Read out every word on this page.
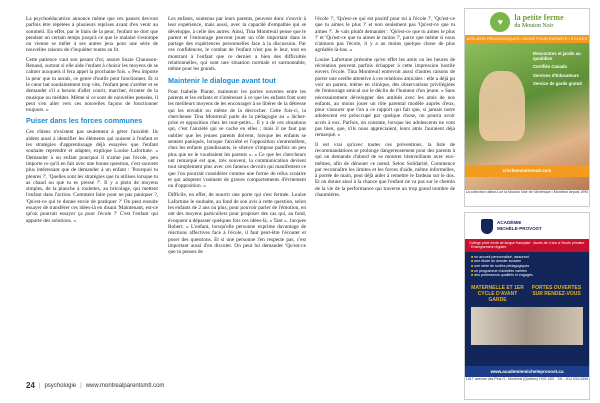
La psychoéducatrice annonce même que ces pauses devront parfois être répétées à plusieurs reprises avant d'en venir au sommeil. En effet, par le biais de la peur, l'enfant ne dort que pendant un certain temps jusqu'à ce que le malaise s'estompe ou vienne se mêler à ses autres jeux pour une série de nouvelles raisons de s'inquiéter toutes au lit.

Cette patience vaut son pesant d'or, assure Suzie Chausson-Renaud, surtout si elle aide l'enfant à choisir les moyens de se calmer auxquels il fera appel la prochaine fois. « Peu importe la peur que tu aurais, ce genre d'outils peut fonctionner. Et si le cœur bat soudainement trop vite, l'enfant peut s'arrêter et se demander s'il a besoin d'aller courir, marcher, écouter de la musique ou méditer. Même si ce sont de nouvelles pensées, il peut s'en aller vers ces nouvelles façons de fonctionner toujours. »

Puiser dans les forces communes

Ces chiens n'existent pas seulement à gérer l'anxiété. Ils aident aussi à identifier les éléments qui nuisent à l'enfant et les stratégies d'apprentissage déjà essayées que l'enfant souhaite reprendre et adapter, explique Louise Lafortune. « Demander à un enfant pourquoi il n'aime pas l'école, peu importe ce qu'il en fait avec une bonne question, c'est souvent plus intéressant que de demander à un enfant : 'Pourquoi tu pleures ?', 'Quelles sont les stratégies que tu utilises lorsque tu as chaud ou que tu es pressé ?'. Il y a plein de moyens simples, de la planche à roulettes, au bricolage, qui mettent l'enfant dans l'action. Comment faire pour ne pas paniquer ?, 'Qu'est-ce qui te donne envie de pratiquer ?' On peut ensuite essayer de transférer ces idées-là en disant 'Maintenant, est-ce qu'on pourrait essayer ça pour l'école ?' C'est l'enfant qui apporte des solutions. »

Les enfants, soutenus par leurs parents, peuvent donc s'ouvrir à leur expérience, mais aussi, avec la capacité d'empathie qui se développe, à celle des autres. Ainsi, Tina Montreuil pense que le parent et l'entourage peuvent jouer un rôle important dans le partage des expériences personnelles face à la discussion. Par ces confidences, le combat de l'enfant n'est pas le leur, tout en montrant à l'enfant que ce dernier a bien des difficultés relationnelles, qui sont une situation normale et surmontable, même pour les grands.

Maintenir le dialogue avant tout

Pour Isabelle Plante, maintenir les portes ouvertes entre les parents et les enfants et s'intéresser à ce que les enfants font sont les meilleurs moyens de les encourager à se libérer de la détresse qui les envahit ou même de la décrocher. Cette fois-ci, la chercheuse Tina Montreuil parle de la pédagogie au « lâcher-prise et opposition chez les tout-petits... Il y a de ces situations qui, c'est l'anxiété qui se cache en elles ; mais il ne faut pas oublier que les jeunes parents doivent, lorsque les enfants se sentent paniqués, lorsque l'anxiété et l'opposition s'entremêlent, chez les enfants grandissants, le silence s'impose parfois un peu plus que ne le voudraient les parents ». « Ce que les chercheurs ont remarqué est que, très souvent, la communication devient tout simplement plus avec ces fameux devoirs qui manifestent ce que l'on pourrait considérer comme une forme de refus scolaire et qui adoptent vraiment de graves comportements d'évitement ou d'opposition. »

Difficile, en effet, de nourrir une porte qui s'est fermée. Louise Lafortune le souhaite, au fond de son avis à cette question, selon les enfants de 2 ans ou plus, pour pouvoir parler de l'émotion, en ont des moyens particuliers pour proposer des cas qui, au fond, évoquent à dépasser quelques fois ces idées-là, « Tant ». Jacques Robert. « L'enfant, lorsqu'elle personne exprime davantage de réactions affectives face à l'école, il faut peut-être l'écouter et poser des questions. Et si une personne l'en respecte pas, c'est important aussi d'en discuter. On peut lui demander 'Qu'est-ce que tu penses de

l'école ?', 'Qu'est-ce qui est positif pour toi à l'école ?', 'Qu'est-ce que tu aimes le plus ?' et non seulement pas 'Qu'est-ce que tu aimes ?'. Je vais plutôt demander : 'Qu'est-ce que tu aimes le plus ?' et 'Qu'est-ce que tu aimes le moins ?', parce que même si nous n'aimons pas l'école, il y a au moins quelque chose de plus agréable là-bas. »

Louise Lafortune présume qu'en effet les amis ou les heures de récréation peuvent parfois échapper à cette impression hostile envers l'école. Tina Montreuil entrevoit aussi d'autres raisons de porter une oreille attentive à ces relations amicales : elle a déjà pu voir un parent, même en clinique, des observations privilégiées de l'entourage amical sur le déclin de l'humeur d'un jeune. « Sans nécessairement développer des amitiés avec les amis de nos enfants, au moins jouer un rôle parental modèle auprès d'eux, pour s'assurer que l'on a ce rapport qui fait que, si jamais notre adolescent est préoccupé par quelque chose, on pourra avoir accès à eux. Parfois, on constate, lorsque les adolescents ne vont pas bien, que, s'ils nous appréciaient, leurs amis l'auraient déjà remarqué. »

Il est vrai qu'avec toutes ces préventions, la liste de recommandations se prolonge dangereusement pour des parents à qui on demande d'abord de se montrer bienveillants avec eux-mêmes, afin de dénouer ce nœud. Selon Solidarité, Commence par reconnaître les limites et les forces d'aide, même informelles, à portée de main, peut déjà aider à remettre le fardeau sur le dos. Et on donne ainsi à la chance que l'enfant ne va pas sur le chemin de la vie de la performance qui traverse un trop grand nombre de chaumières.

♥	la petite ferme
du Mouton Noir
ATELIERS PÉDAGOGIQUES • MODE POUR ENFANTS • ÉCOLES
Rencontres et jardin au quotidien
Certifiés Canada
Services d'Éducateurs
Service de garde gratuit
crèchemoutonnoir.com
La collection utilise-t-on la Mouton Noir de l'Amérique • Montréal depuis 1990
ACADÉMIE
MICHÈLE-PROVOST
Collège privé mixte de langue française · Accès de 4 ans à l'école primaire · Enseignement régulier
■ un accueil personnalisé, rassurant
■ une étude du dossier scolaire
■ une série de sorties pédagogiques
■ un programme d'activités variées
■ des professeurs qualifiés et engagés
MATERNELLE ET 1ER CYCLE D'AVANT GARDE
PORTES OUVERTES SUR RENDEZ-VOUS
www.academiemicheleprovost.ca
1517 avenue des Pins O., Montréal (Québec) H3G 1B3 · Tél. : 514 934-0596
24 | psychologie | www.montrealparentsmtl.com
